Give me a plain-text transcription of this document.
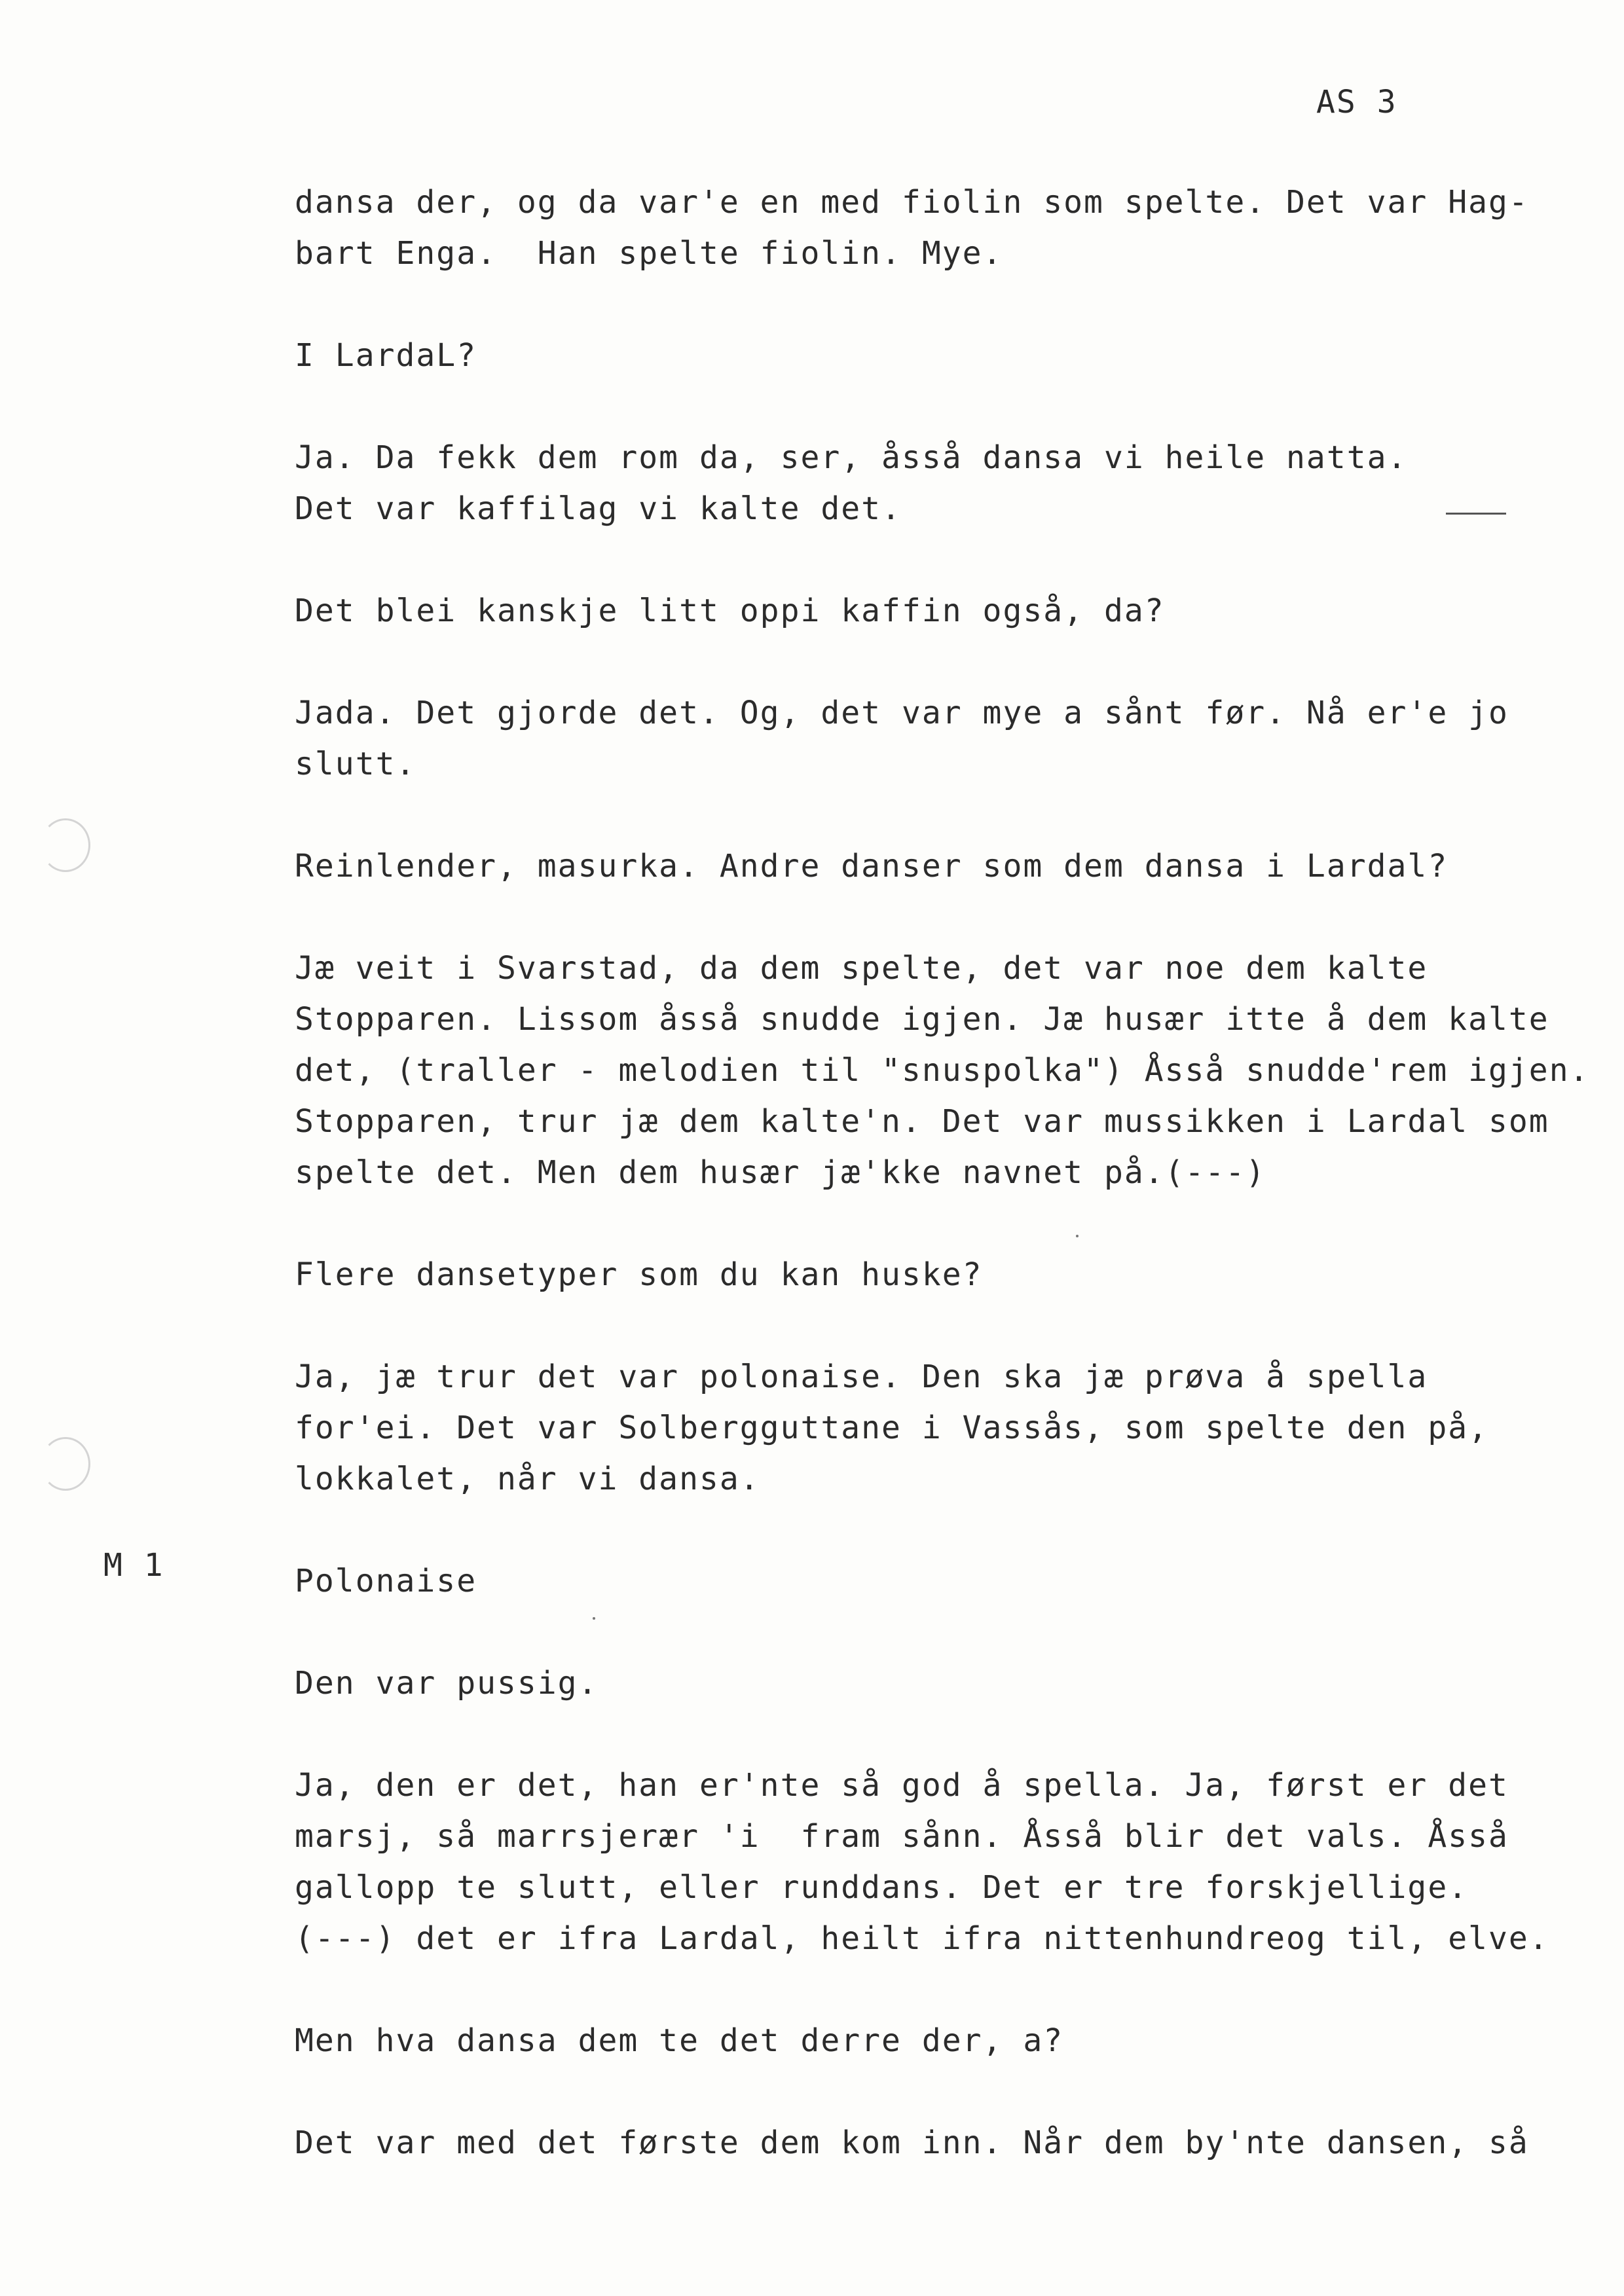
AS 3
M 1
dansa der, og da var'e en med fiolin som spelte. Det var Hag-
bart Enga.  Han spelte fiolin. Mye.
I LardaL?
Ja. Da fekk dem rom da, ser, åsså dansa vi heile natta.
Det var kaffilag vi kalte det.
Det blei kanskje litt oppi kaffin også, da?
Jada. Det gjorde det. Og, det var mye a sånt før. Nå er'e jo
slutt.
Reinlender, masurka. Andre danser som dem dansa i Lardal?
Jæ veit i Svarstad, da dem spelte, det var noe dem kalte
Stopparen. Lissom åsså snudde igjen. Jæ husær itte å dem kalte
det, (traller - melodien til "snuspolka") Åsså snudde'rem igjen.
Stopparen, trur jæ dem kalte'n. Det var mussikken i Lardal som
spelte det. Men dem husær jæ'kke navnet på.(---)
Flere dansetyper som du kan huske?
Ja, jæ trur det var polonaise. Den ska jæ prøva å spella
for'ei. Det var Solbergguttane i Vassås, som spelte den på,
lokkalet, når vi dansa.
Polonaise
Den var pussig.
Ja, den er det, han er'nte så god å spella. Ja, først er det
marsj, så marrsjerær 'i  fram sånn. Åsså blir det vals. Åsså
gallopp te slutt, eller runddans. Det er tre forskjellige.
(---) det er ifra Lardal, heilt ifra nittenhundreog til, elve.
Men hva dansa dem te det derre der, a?
Det var med det første dem kom inn. Når dem by'nte dansen, så
